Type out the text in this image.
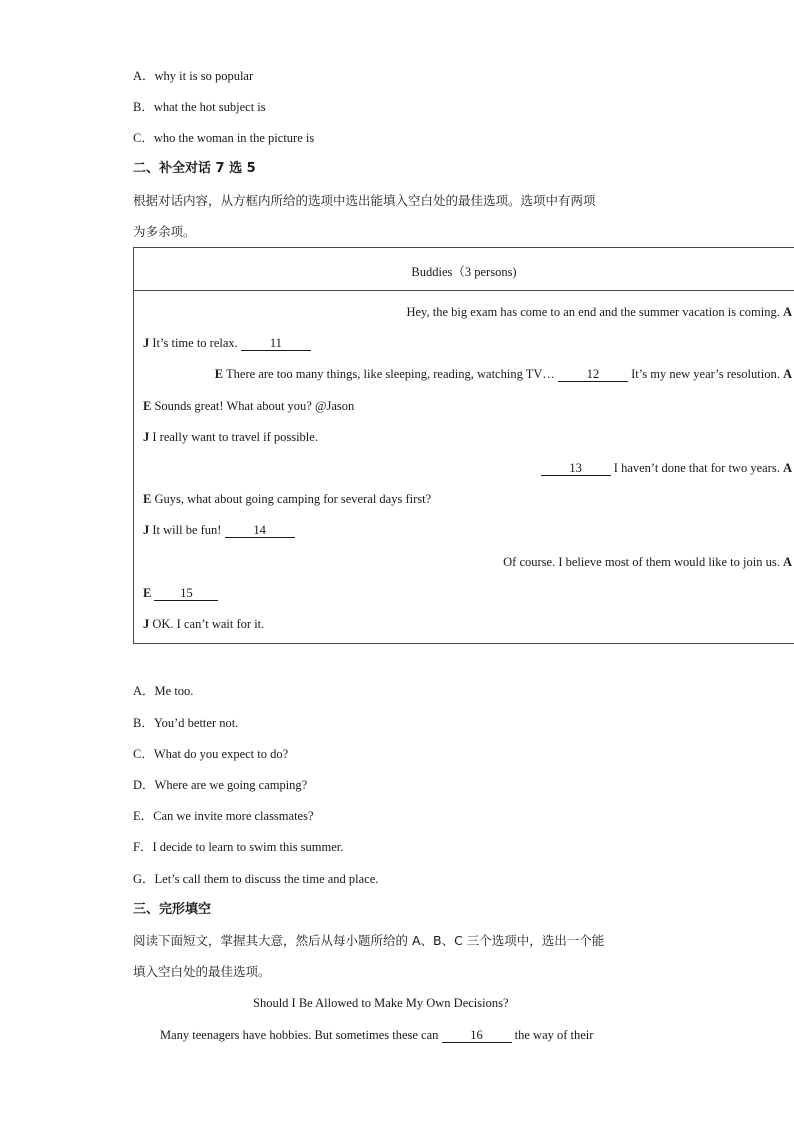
A．why it is so popular
B．what the hot subject is
C．who the woman in the picture is
二、补全对话 7 选 5
根据对话内容，从方框内所给的选项中选出能填入空白处的最佳选项。选项中有两项
为多余项。
Buddies（3 persons)
Hey, the big exam has come to an end and the summer vacation is coming. A
J It’s time to relax.	11
E There are too many things, like sleeping, reading, watching TV…	12 It’s my new year’s resolution. A
E Sounds great! What about you? @Jason
J I really want to travel if possible.
13 I haven’t done that for two years. A
E Guys, what about going camping for several days first?
J It will be fun!	14
Of course. I believe most of them would like to join us. A
E 15
J OK. I can’t wait for it.
A．Me too.
B．You’d better not.
C．What do you expect to do?
D．Where are we going camping?
E．Can we invite more classmates?
F．I decide to learn to swim this summer.
G．Let’s call them to discuss the time and place.
三、完形填空
阅读下面短文，掌握其大意，然后从每小题所给的 A、B、C 三个选项中，选出一个能
填入空白处的最佳选项。
Should I Be Allowed to Make My Own Decisions?
Many teenagers have hobbies. But sometimes these can 16 the way of their
